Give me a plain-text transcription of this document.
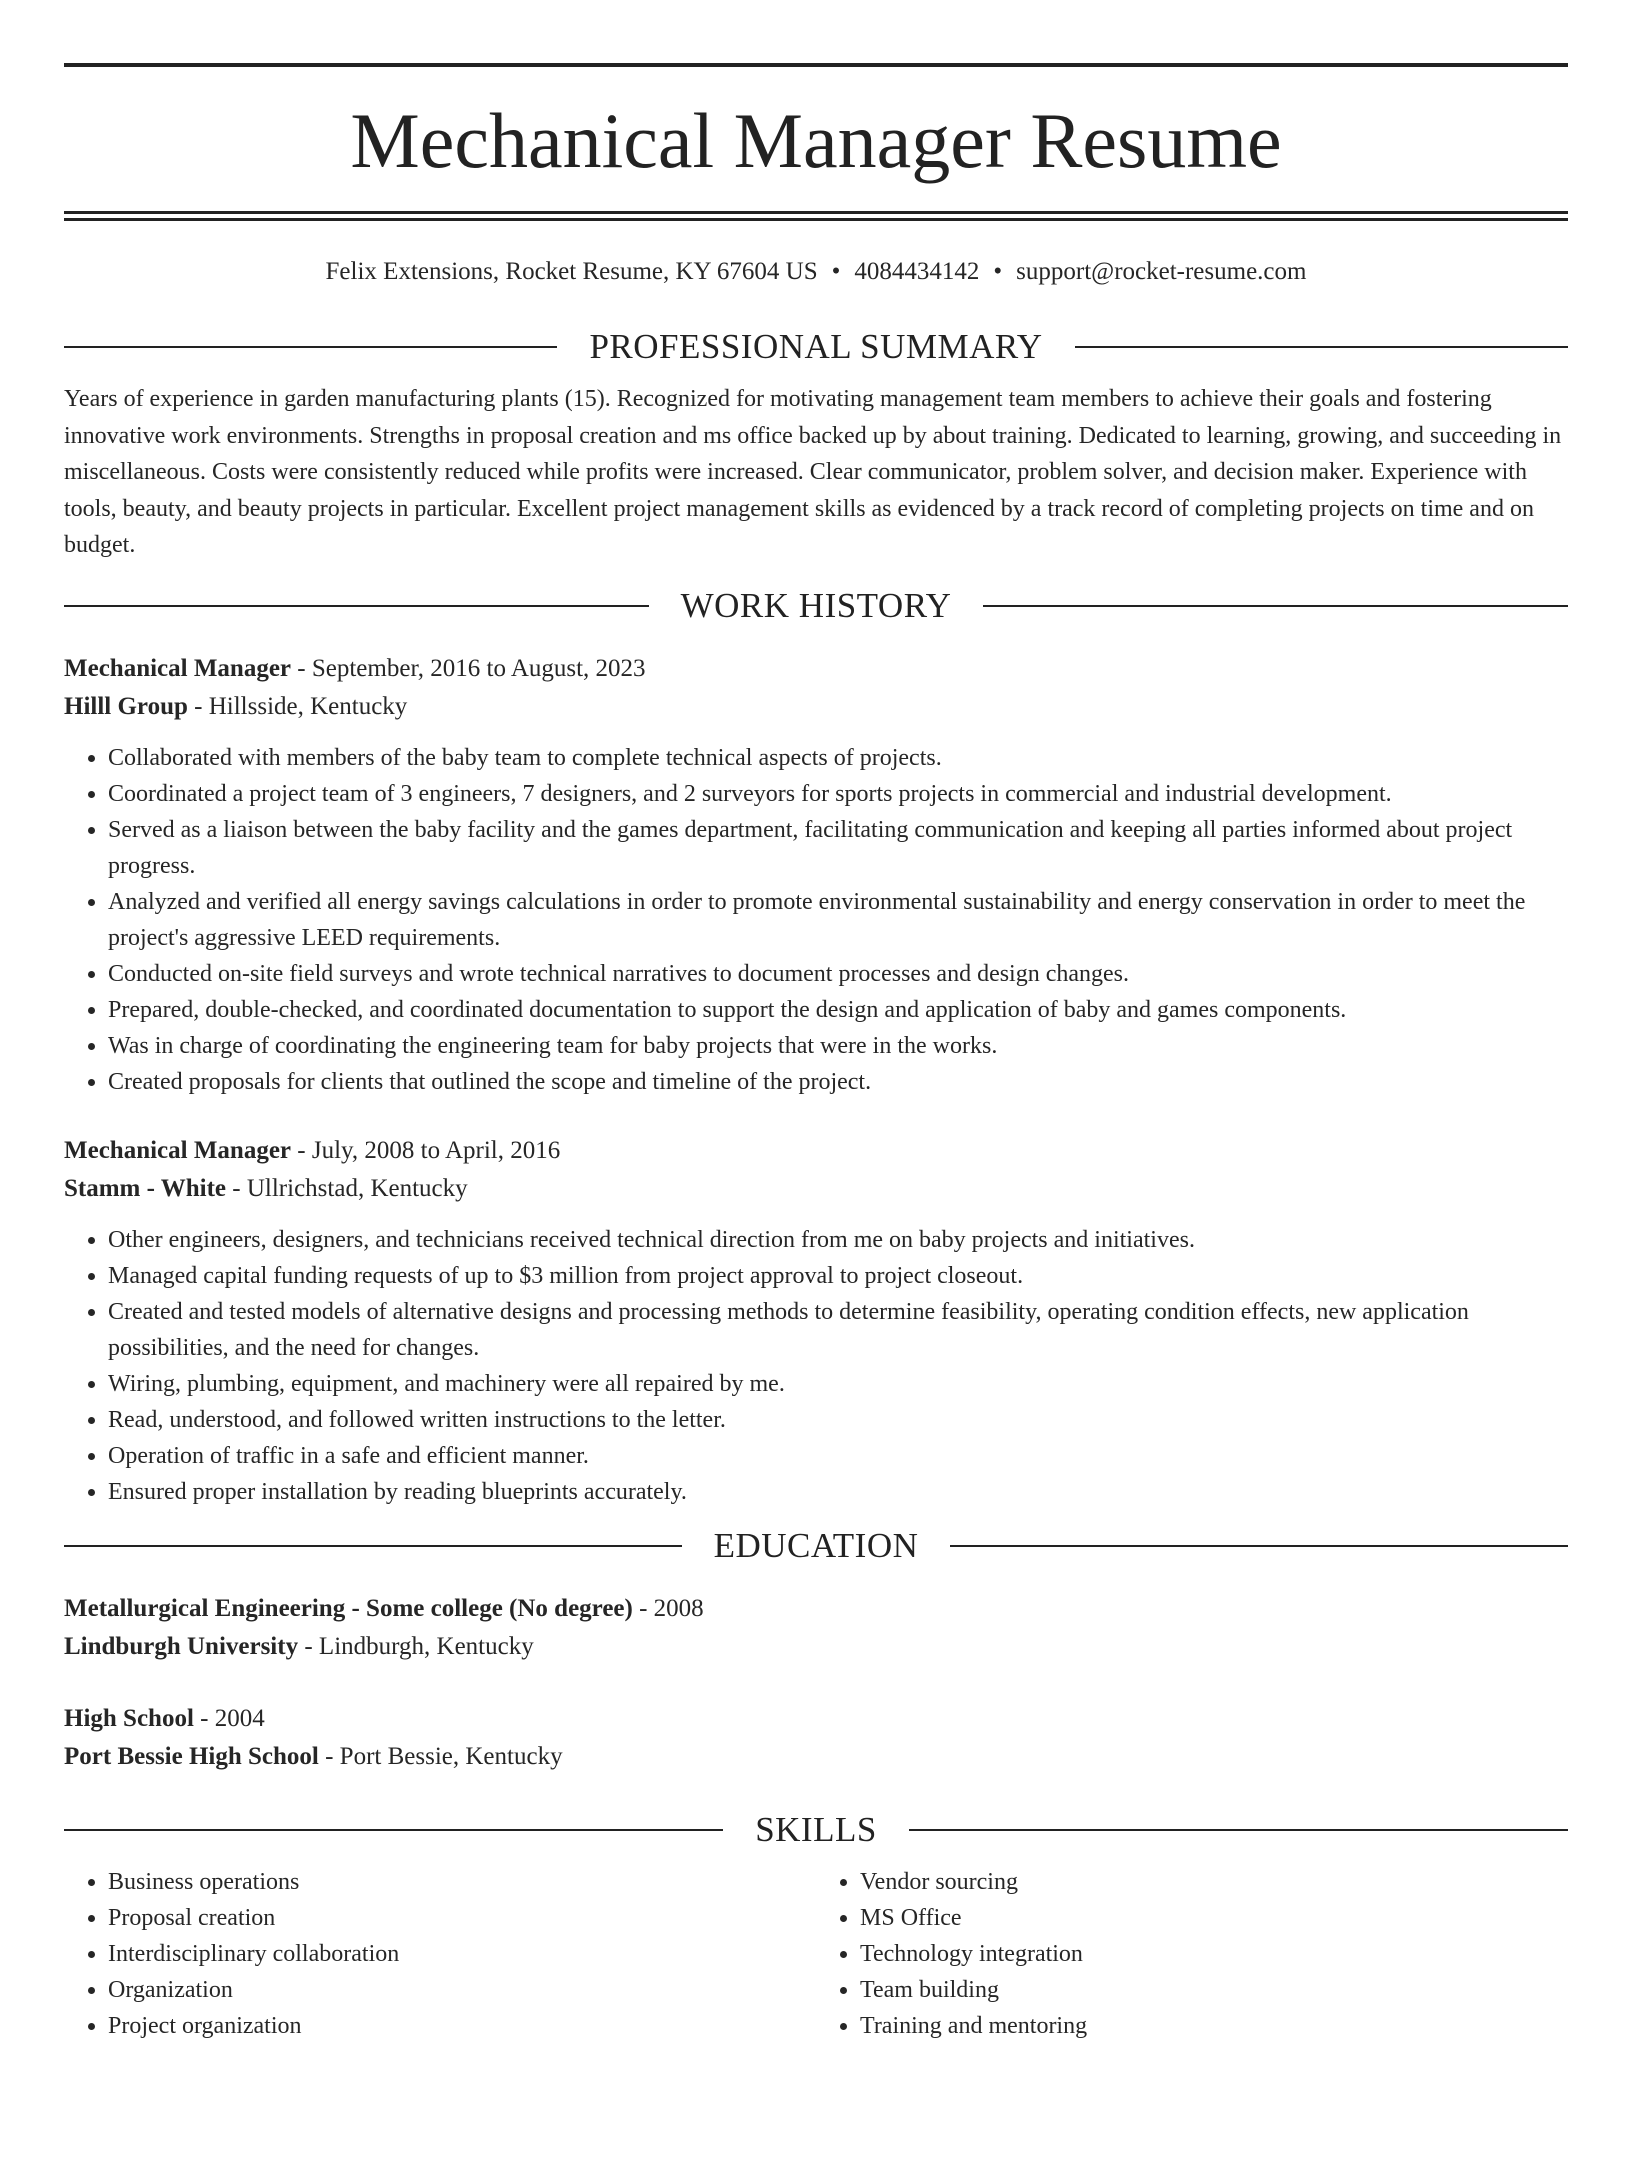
Mechanical Manager Resume
Felix Extensions, Rocket Resume, KY 67604 US • 4084434142 • support@rocket-resume.com
PROFESSIONAL SUMMARY
Years of experience in garden manufacturing plants (15). Recognized for motivating management team members to achieve their goals and fostering innovative work environments. Strengths in proposal creation and ms office backed up by about training. Dedicated to learning, growing, and succeeding in miscellaneous. Costs were consistently reduced while profits were increased. Clear communicator, problem solver, and decision maker. Experience with tools, beauty, and beauty projects in particular. Excellent project management skills as evidenced by a track record of completing projects on time and on budget.
WORK HISTORY
Mechanical Manager - September, 2016 to August, 2023
Hilll Group - Hillsside, Kentucky
• Collaborated with members of the baby team to complete technical aspects of projects.
• Coordinated a project team of 3 engineers, 7 designers, and 2 surveyors for sports projects in commercial and industrial development.
• Served as a liaison between the baby facility and the games department, facilitating communication and keeping all parties informed about project progress.
• Analyzed and verified all energy savings calculations in order to promote environmental sustainability and energy conservation in order to meet the project's aggressive LEED requirements.
• Conducted on-site field surveys and wrote technical narratives to document processes and design changes.
• Prepared, double-checked, and coordinated documentation to support the design and application of baby and games components.
• Was in charge of coordinating the engineering team for baby projects that were in the works.
• Created proposals for clients that outlined the scope and timeline of the project.
Mechanical Manager - July, 2008 to April, 2016
Stamm - White - Ullrichstad, Kentucky
• Other engineers, designers, and technicians received technical direction from me on baby projects and initiatives.
• Managed capital funding requests of up to $3 million from project approval to project closeout.
• Created and tested models of alternative designs and processing methods to determine feasibility, operating condition effects, new application possibilities, and the need for changes.
• Wiring, plumbing, equipment, and machinery were all repaired by me.
• Read, understood, and followed written instructions to the letter.
• Operation of traffic in a safe and efficient manner.
• Ensured proper installation by reading blueprints accurately.
EDUCATION
Metallurgical Engineering - Some college (No degree) - 2008
Lindburgh University - Lindburgh, Kentucky
High School - 2004
Port Bessie High School - Port Bessie, Kentucky
SKILLS
• Business operations
• Proposal creation
• Interdisciplinary collaboration
• Organization
• Project organization
• Vendor sourcing
• MS Office
• Technology integration
• Team building
• Training and mentoring
